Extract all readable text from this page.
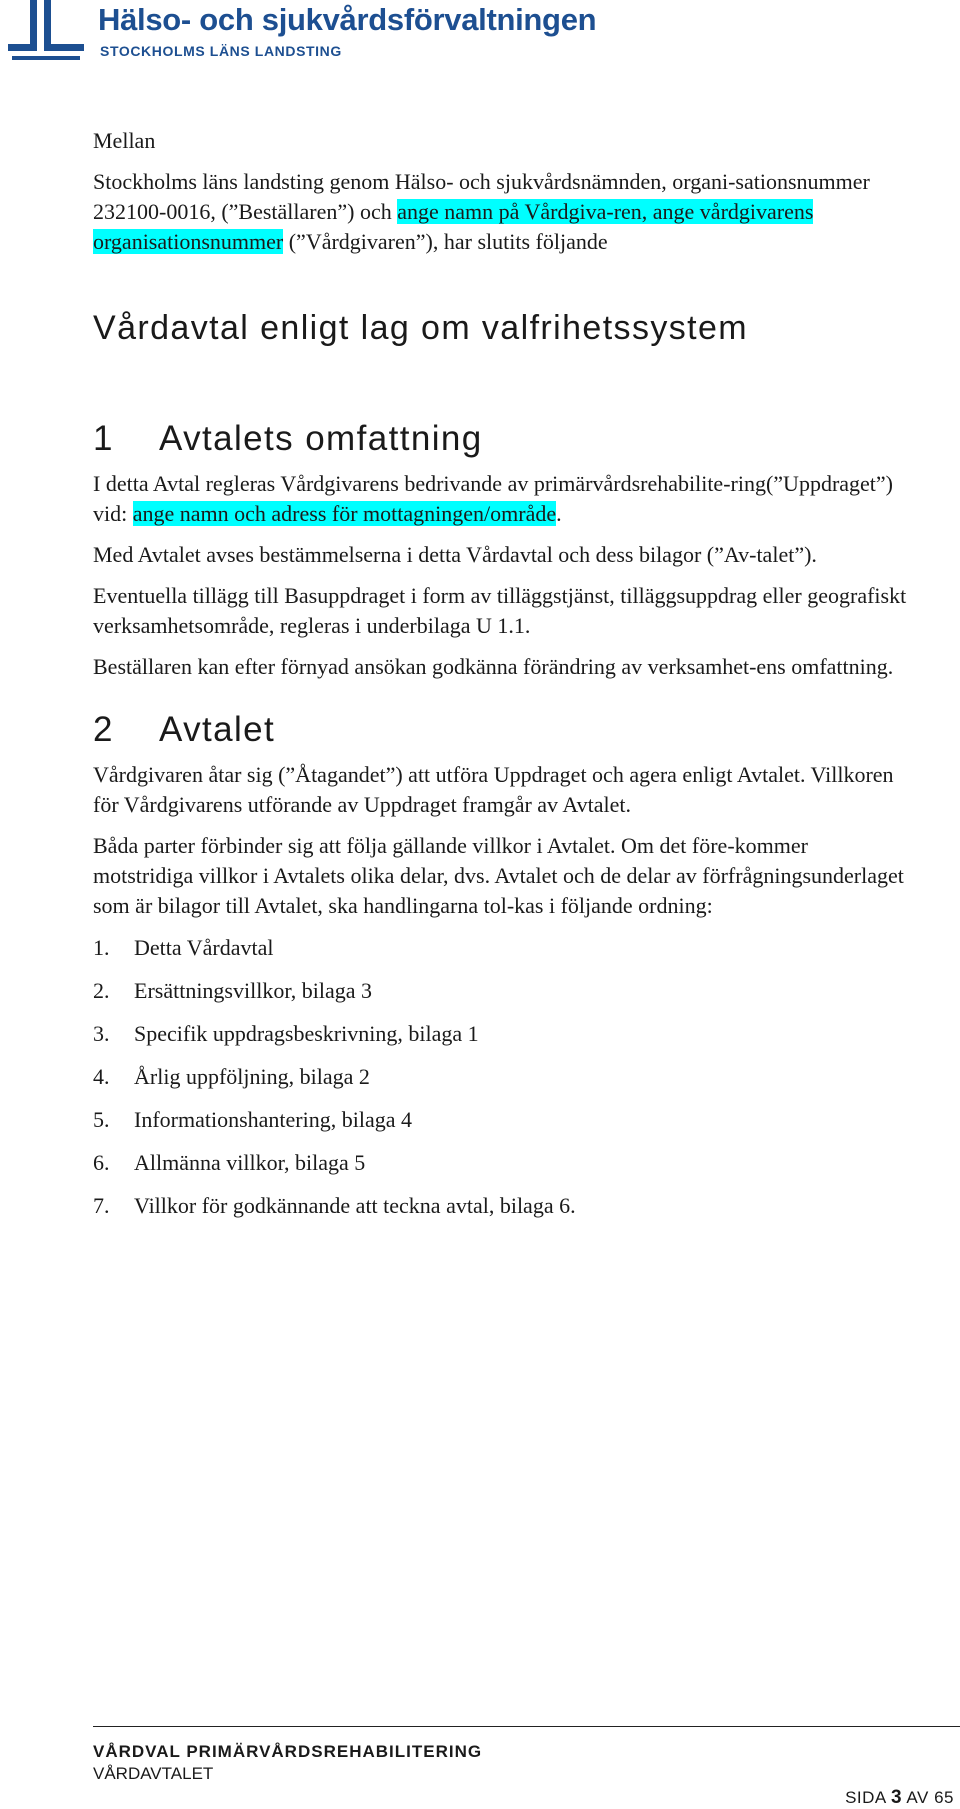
Hälso- och sjukvårdsförvaltningen
STOCKHOLMS LÄNS LANDSTING

Mellan

Stockholms läns landsting genom Hälso- och sjukvårdsnämnden, organi-sationsnummer 232100-0016, (”Beställaren”) och ange namn på Vårdgiva-ren, ange vårdgivarens organisationsnummer (”Vårdgivaren”), har slutits följande

Vårdavtal enligt lag om valfrihetssystem
1 Avtalets omfattning

I detta Avtal regleras Vårdgivarens bedrivande av primärvårdsrehabilite-ring(”Uppdraget”) vid: ange namn och adress för mottagningen/område.

Med Avtalet avses bestämmelserna i detta Vårdavtal och dess bilagor (”Av-talet”).

Eventuella tillägg till Basuppdraget i form av tilläggstjänst, tilläggsuppdrag eller geografiskt verksamhetsområde, regleras i underbilaga U 1.1.

Beställaren kan efter förnyad ansökan godkänna förändring av verksamhet-ens omfattning.

2 Avtalet

Vårdgivaren åtar sig (”Åtagandet”) att utföra Uppdraget och agera enligt Avtalet. Villkoren för Vårdgivarens utförande av Uppdraget framgår av Avtalet.

Båda parter förbinder sig att följa gällande villkor i Avtalet. Om det före-kommer motstridiga villkor i Avtalets olika delar, dvs. Avtalet och de delar av förfrågningsunderlaget som är bilagor till Avtalet, ska handlingarna tol-kas i följande ordning:

1.	Detta Vårdavtal
2.	Ersättningsvillkor, bilaga 3
3.	Specifik uppdragsbeskrivning, bilaga 1
4.	Årlig uppföljning, bilaga 2
5.	Informationshantering, bilaga 4
6.	Allmänna villkor, bilaga 5
7.	Villkor för godkännande att teckna avtal, bilaga 6.
VÅRDVAL PRIMÄRVÅRDSREHABILITERING
VÅRDAVTALET
SIDA 3 AV 65
